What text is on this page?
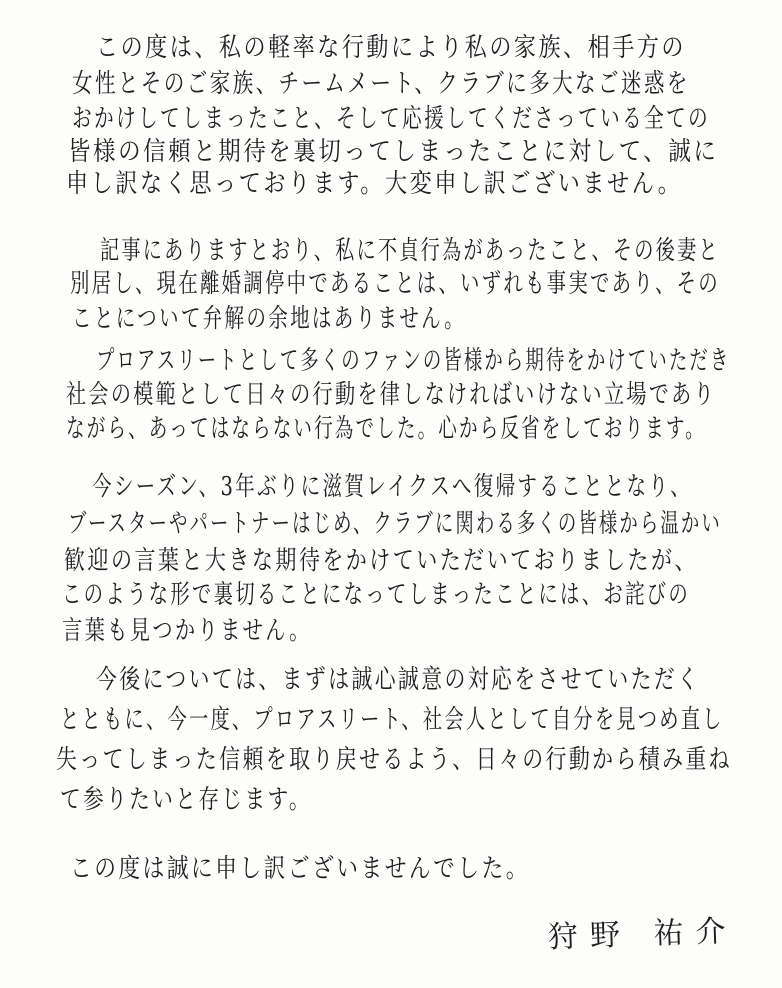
この度は、私の軽率な行動により私の家族、相手方の
女性とそのご家族、チームメート、クラブに多大なご迷惑を
おかけしてしまったこと、そして応援してくださっている全ての
皆様の信頼と期待を裏切ってしまったことに対して、誠に
申し訳なく思っております。大変申し訳ございません。
記事にありますとおり、私に不貞行為があったこと、その後妻と
別居し、現在離婚調停中であることは、いずれも事実であり、その
ことについて弁解の余地はありません。
プロアスリートとして多くのファンの皆様から期待をかけていただき
社会の模範として日々の行動を律しなければいけない立場であり
ながら、あってはならない行為でした。心から反省をしております。
今シーズン、3年ぶりに滋賀レイクスへ復帰することとなり、
ブースターやパートナーはじめ、クラブに関わる多くの皆様から温かい
歓迎の言葉と大きな期待をかけていただいておりましたが、
このような形で裏切ることになってしまったことには、お詫びの
言葉も見つかりません。
今後については、まずは誠心誠意の対応をさせていただく
とともに、今一度、プロアスリート、社会人として自分を見つめ直し
失ってしまった信頼を取り戻せるよう、日々の行動から積み重ね
て参りたいと存じます。
この度は誠に申し訳ございませんでした。
狩野 祐介
